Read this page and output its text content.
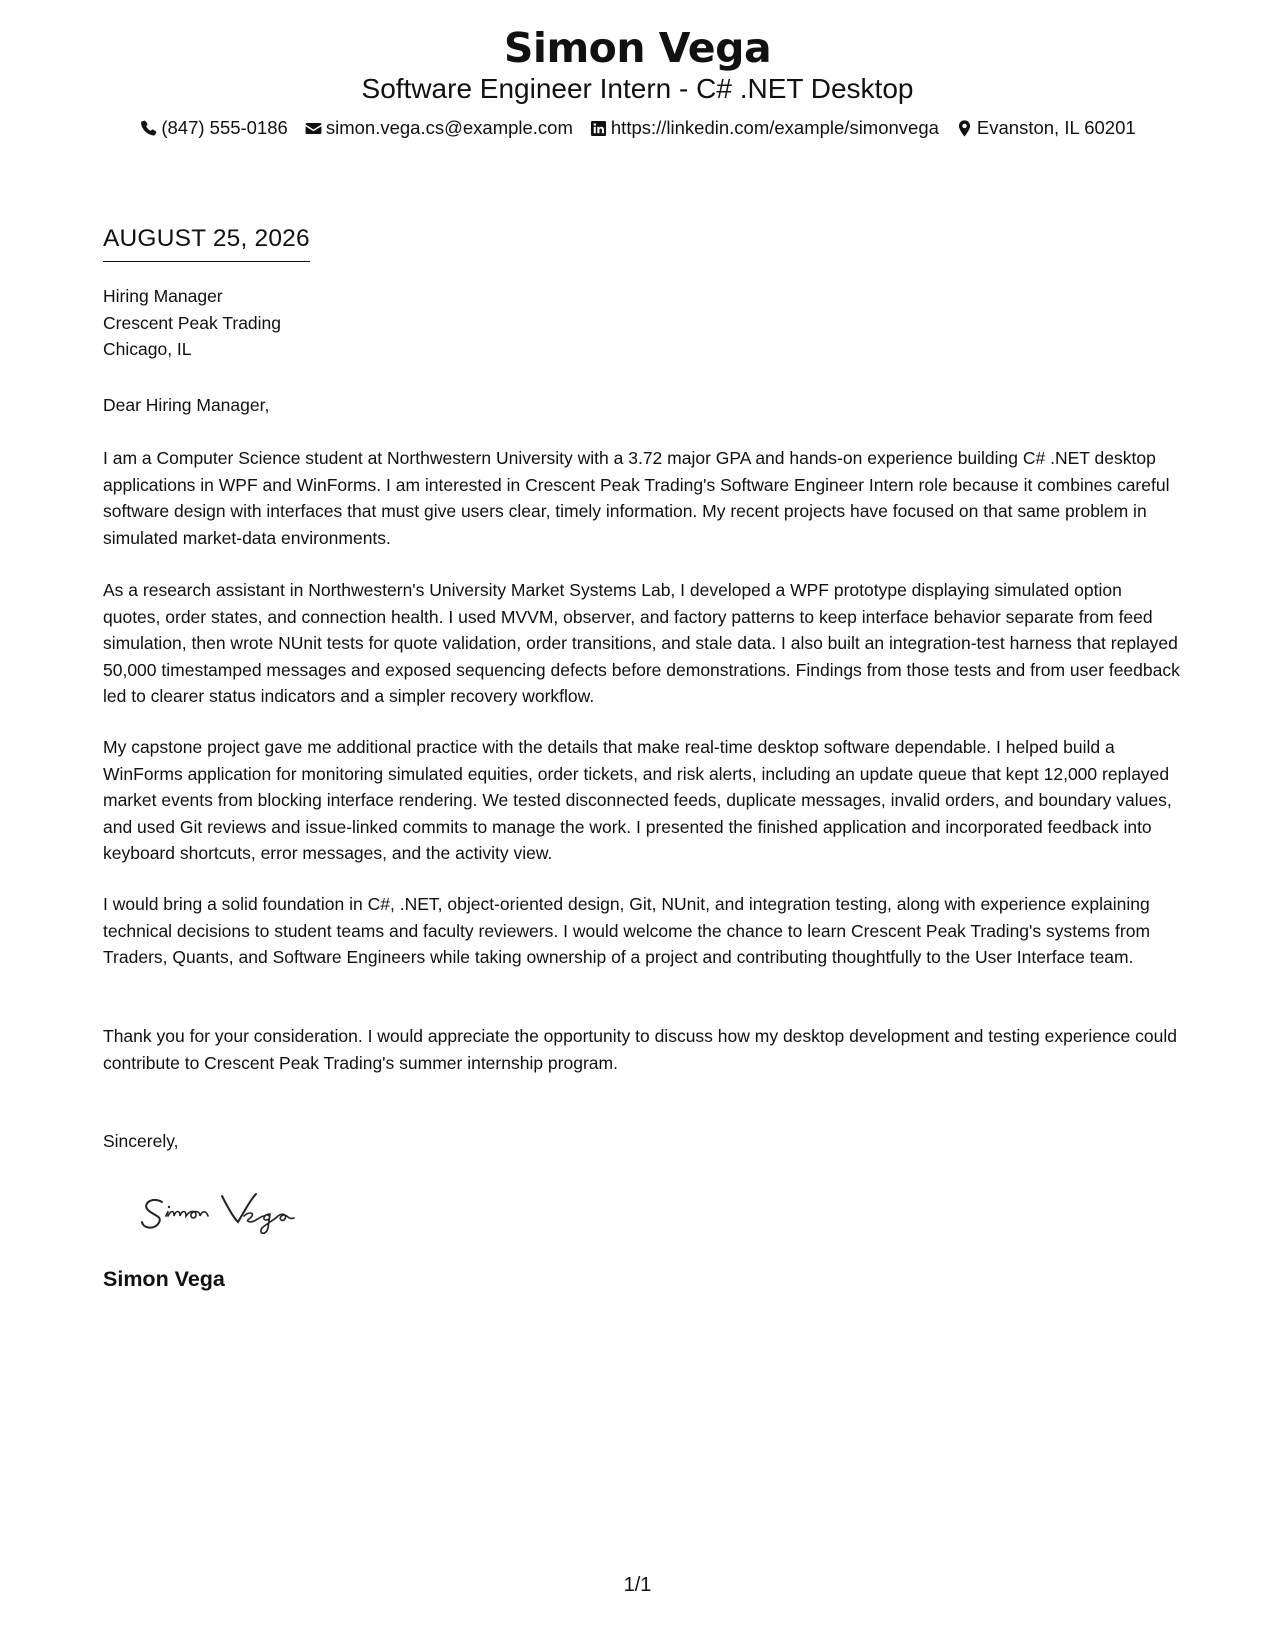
Simon Vega
Software Engineer Intern - C# .NET Desktop
(847) 555-0186 simon.vega.cs@example.com https://linkedin.com/example/simonvega Evanston, IL 60201
AUGUST 25, 2026

Hiring Manager

Crescent Peak Trading

Chicago, IL

Dear Hiring Manager,

I am a Computer Science student at Northwestern University with a 3.72 major GPA and hands-on experience building C# .NET desktop applications in WPF and WinForms. I am interested in Crescent Peak Trading's Software Engineer Intern role because it combines careful software design with interfaces that must give users clear, timely information. My recent projects have focused on that same problem in simulated market-data environments.

As a research assistant in Northwestern's University Market Systems Lab, I developed a WPF prototype displaying simulated option quotes, order states, and connection health. I used MVVM, observer, and factory patterns to keep interface behavior separate from feed simulation, then wrote NUnit tests for quote validation, order transitions, and stale data. I also built an integration-test harness that replayed 50,000 timestamped messages and exposed sequencing defects before demonstrations. Findings from those tests and from user feedback led to clearer status indicators and a simpler recovery workflow.

My capstone project gave me additional practice with the details that make real-time desktop software dependable. I helped build a WinForms application for monitoring simulated equities, order tickets, and risk alerts, including an update queue that kept 12,000 replayed market events from blocking interface rendering. We tested disconnected feeds, duplicate messages, invalid orders, and boundary values, and used Git reviews and issue-linked commits to manage the work. I presented the finished application and incorporated feedback into keyboard shortcuts, error messages, and the activity view.

I would bring a solid foundation in C#, .NET, object-oriented design, Git, NUnit, and integration testing, along with experience explaining technical decisions to student teams and faculty reviewers. I would welcome the chance to learn Crescent Peak Trading's systems from Traders, Quants, and Software Engineers while taking ownership of a project and contributing thoughtfully to the User Interface team.

Thank you for your consideration. I would appreciate the opportunity to discuss how my desktop development and testing experience could contribute to Crescent Peak Trading's summer internship program.

Sincerely,

Simon Vega

1/1
